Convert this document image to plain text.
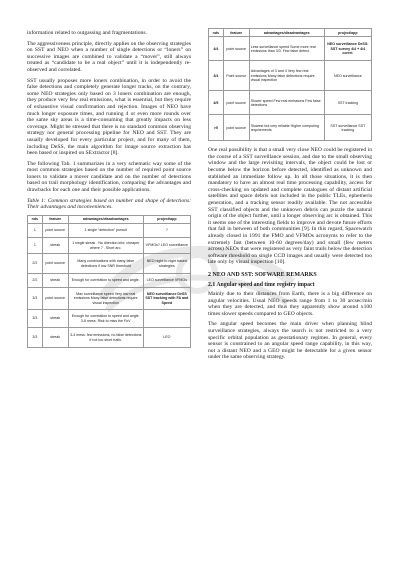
information related to outgassing and fragmentations.

The aggressiveness principle, directly applies on the observing strategies on SST and NEO when a number of single detections or “loners” on successive images are combined to validate a “mover”, still always treated as “candidate to be a real object” until it is independently re-observed and correlated.

SST usually proposes more loners combination, in order to avoid the false detections and completely generate longer tracks, on the contrary, some NEO strategies only based on 3 loners combination are enough, they produce very few real emissions, what is essential, but they require of exhaustive visual confirmation and rejection. Images of NEO have much longer exposure times, and running 4 or even more rounds over the same sky areas is a time-consuming that greatly impacts on less coverage. Might be stressed that there is no standard common observing strategy nor general processing pipeline for NEO and SST. They are usually developed for every particular project, and for many of them, including DeSS, the main algorithm for image source extraction has been based or inspired on SExtractor [8].

The following Tab. 1 summarizes in a very schematic way some of the most common strategies based on the number of required point source loners to validate a mover candidate and on the number of detections based on trail morphology identification, comparing the advantages and drawbacks for each one and their possible applications.

Table 1: Common strategies based on number and shape of detections: Their advantages and inconveniences.
nds	feature	advantages/disadvantages	project/app
1	point source	1 single “detection” pursuit	?
1	streak	1 single streak . No direction info; cheaper where 7 . Short arc.	VFMOs? LEO surveillance
2/2	point source	Many combinations with many false detections if low SNR threshold	NEO night to night based strategies
2/2	streak	Enough for correlation to speed and angle.	LEO surveillance VFMOs
3/3	point source	Max surveillance speed Very low real emissions Many false detections require visual inspection	NEO surveillance DeSS SST tracking with FA and Speed
3/3	streak	Enough for correlation to speed and angle. 3-6 mess. Risk to miss the FoV	
3/3	streak	3-4 mess. few emissions, no false detections if not too short trails.	LEO
nds	feature	advantages/disadvantages	project/app
4/4	point source	Less surveillance speed Some more real emissions than 3/3. Few false detect.	NEO surveillance DeSS: SST survey 4/4 + 4/4 correl.
3/4	Point source	Advantages of 3 and 4 Very few real emissions Many false detections require visual inspection	NEO surveillance
4/5	point source	Slower speed Few real emissions Few false detections	SST tracking
>5	point source	Slowest but very reliable Higher computing requirements	SST surveillance SST tracking

One real possibility is that a small very close NEO could be registered in the course of a SST surveillance session, and due to the small observing window and the large revisiting intervals, the object could be lost or become below the horizon before detected, identified as unknown and stablished an immediate follow up. In all those situations, it is then mandatory to have an almost real time processing capability, access for cross-checking on updated and complete catalogues of distant artificial satellites and space debris not included in the public TLEs, ephemeris generation, and a tracking sensor readily available. The not accessible SST classified objects and the unknown debris can puzzle the natural origin of the object further, until a longer observing arc is obtained. This it seems one of the interesting fields to improve and devote future efforts that fall in between of both communities [9]. In this regard, Spacewatch already closed in 1991 the FMO and VFMOs acronyms to refer to the extremely fast (between 10-60 degrees/day) and small (few meters across) NEOs that were registered as very faint trails below the detection software threshold on single CCD images and usually were detected too late only by visual inspection [10].

2 NEO AND SST: SOFWARE REMARKS
2.1 Angular speed and time registry impact

Mainly due to their distances from Earth, there is a big difference on angular velocities. Usual NEO speeds range from 1 to 30 arcsec/min when they are detected, and thus they apparently show around x100 times slower speeds compared to GEO objects.

The angular speed becomes the main driver when planning blind surveillance strategies, always the search is not restricted to a very specific orbital population as geostationary regimes. In general, every sensor is constrained to an angular speed range capability, in this way, not a distant NEO and a GEO might be detectable for a given sensor under the same observing strategy.
